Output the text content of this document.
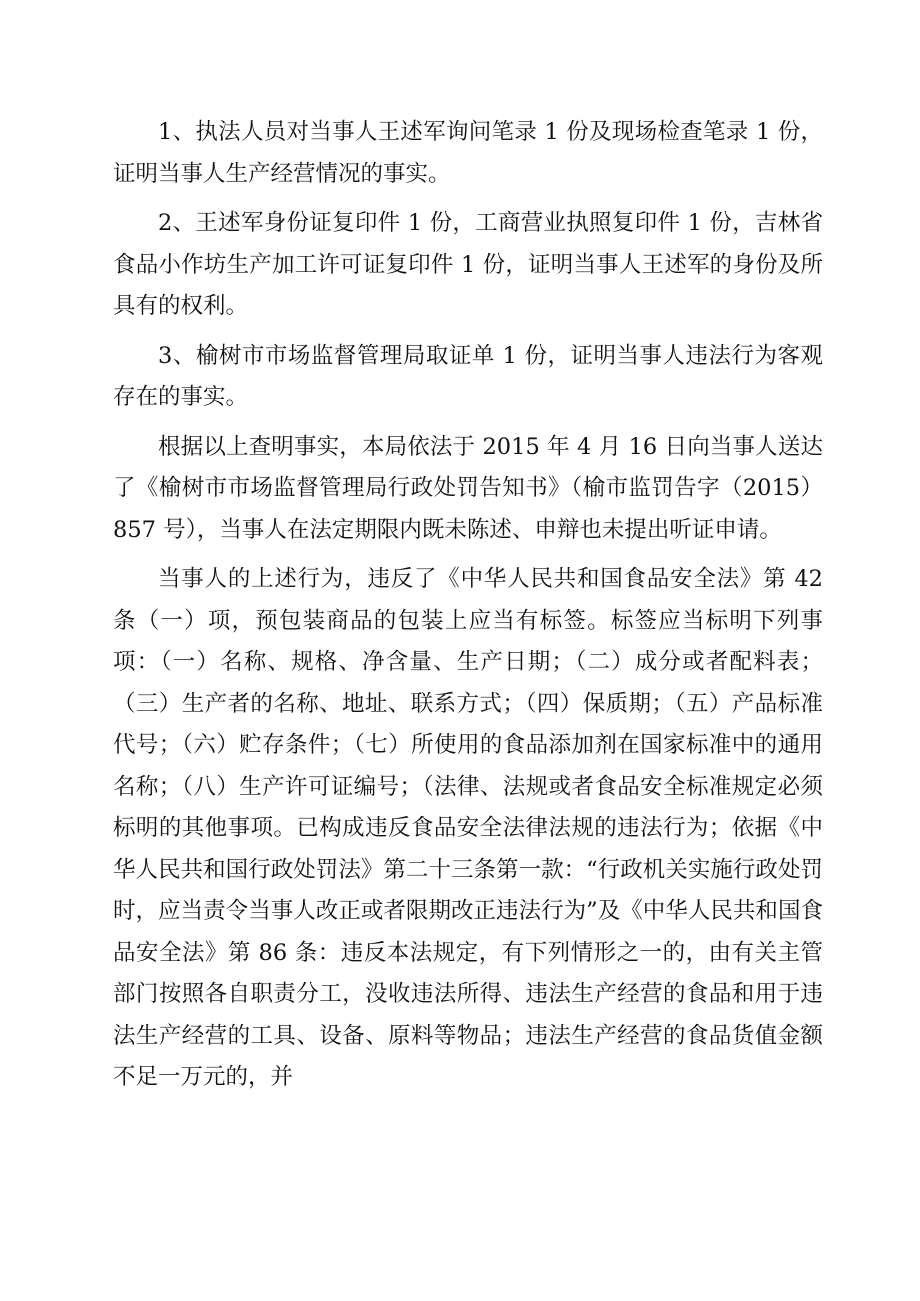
1、执法人员对当事人王述军询问笔录 1 份及现场检查笔录 1 份，证明当事人生产经营情况的事实。

2、王述军身份证复印件 1 份，工商营业执照复印件 1 份，吉林省食品小作坊生产加工许可证复印件 1 份，证明当事人王述军的身份及所具有的权利。

3、榆树市市场监督管理局取证单 1 份，证明当事人违法行为客观存在的事实。

根据以上查明事实，本局依法于 2015 年 4 月 16 日向当事人送达了《榆树市市场监督管理局行政处罚告知书》（榆市监罚告字（2015）857 号），当事人在法定期限内既未陈述、申辩也未提出听证申请。

当事人的上述行为，违反了《中华人民共和国食品安全法》第 42 条（一）项，预包装商品的包装上应当有标签。标签应当标明下列事项：（一）名称、规格、净含量、生产日期；（二）成分或者配料表；（三）生产者的名称、地址、联系方式；（四）保质期；（五）产品标准代号；（六）贮存条件；（七）所使用的食品添加剂在国家标准中的通用名称；（八）生产许可证编号；（法律、法规或者食品安全标准规定必须标明的其他事项。已构成违反食品安全法律法规的违法行为；依据《中华人民共和国行政处罚法》第二十三条第一款：“行政机关实施行政处罚时，应当责令当事人改正或者限期改正违法行为”及《中华人民共和国食品安全法》第 86 条：违反本法规定，有下列情形之一的，由有关主管部门按照各自职责分工，没收违法所得、违法生产经营的食品和用于违法生产经营的工具、设备、原料等物品；违法生产经营的食品货值金额不足一万元的，并
